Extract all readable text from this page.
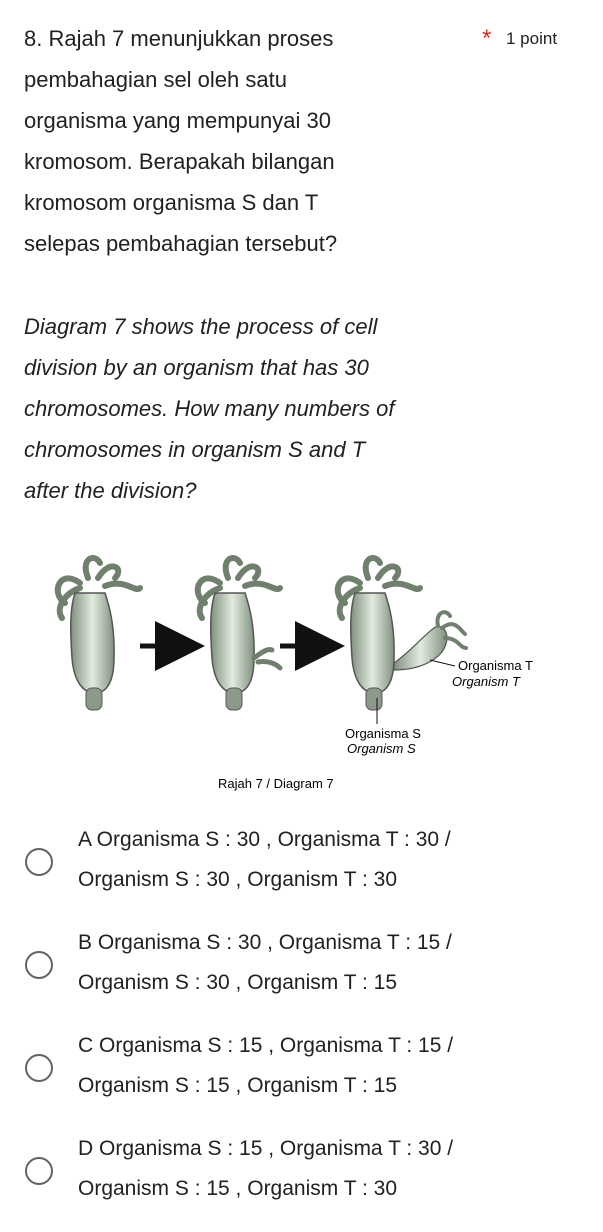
8. Rajah 7 menunjukkan proses
pembahagian sel oleh satu
organisma yang mempunyai 30
kromosom. Berapakah bilangan
kromosom organisma S dan T
selepas pembahagian tersebut?

* 1 point

Diagram 7 shows the process of cell
division by an organism that has 30
chromosomes. How many numbers of
chromosomes in organism S and T
after the division?

Organisma T
Organism T
Organisma S
Organism S
Rajah 7 / Diagram 7
A Organisma S : 30 , Organisma T : 30 /
Organism S : 30 , Organism T : 30
B Organisma S : 30 , Organisma T : 15 /
Organism S : 30 , Organism T : 15
C Organisma S : 15 , Organisma T : 15 /
Organism S : 15 , Organism T : 15
D Organisma S : 15 , Organisma T : 30 /
Organism S : 15 , Organism T : 30
